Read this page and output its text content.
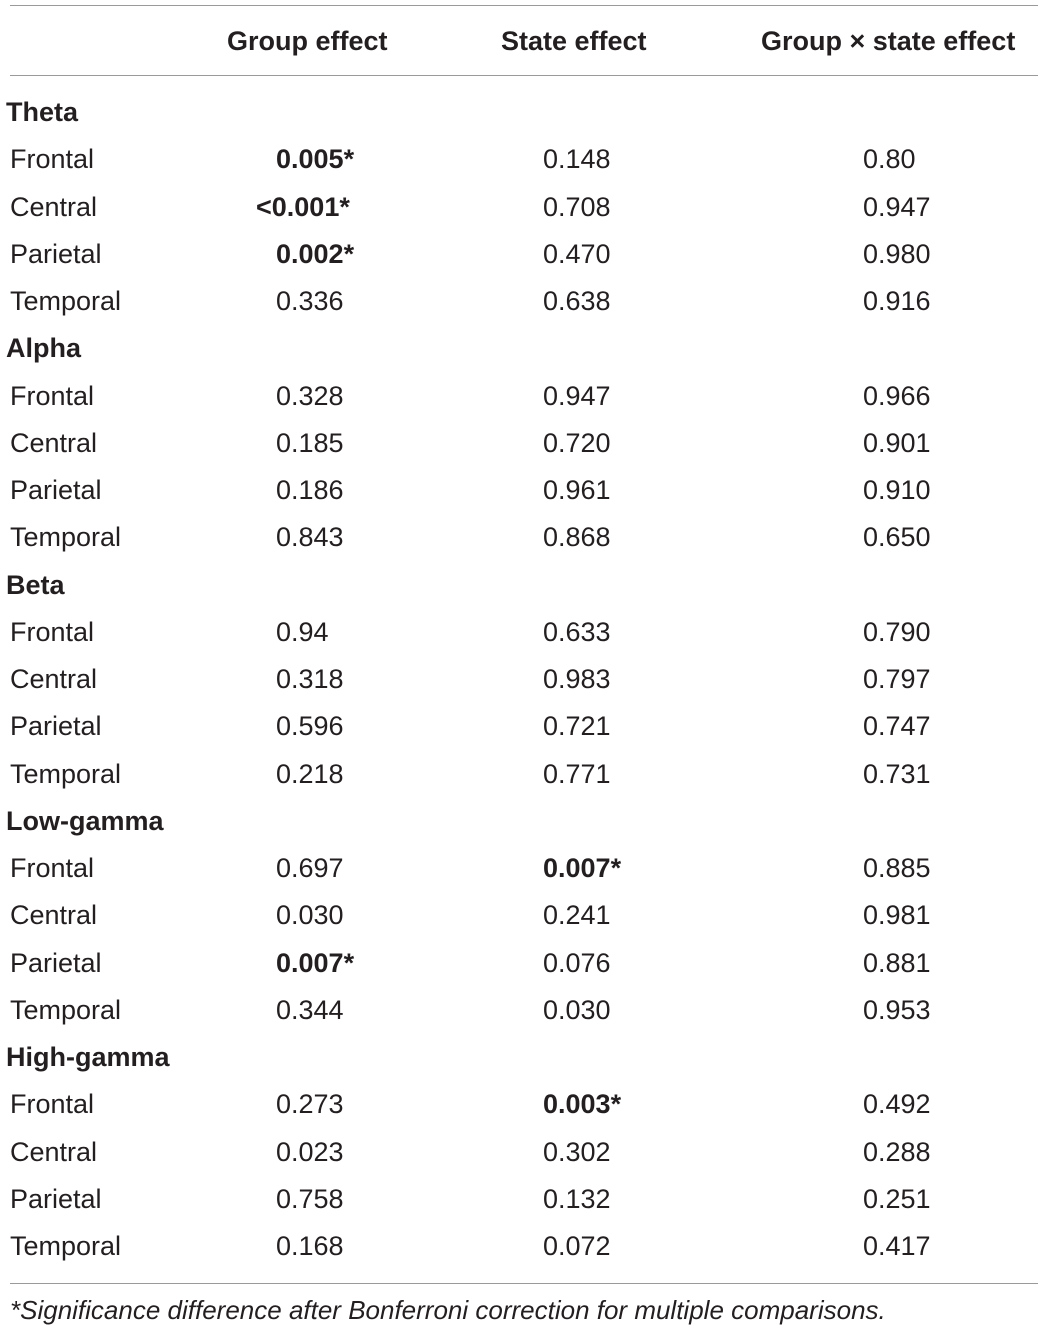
Group effect	State effect	Group × state effect
Theta
Frontal	0.005*	0.148	0.80
Central	<0.001*	0.708	0.947
Parietal	0.002*	0.470	0.980
Temporal	0.336	0.638	0.916
Alpha
Frontal	0.328	0.947	0.966
Central	0.185	0.720	0.901
Parietal	0.186	0.961	0.910
Temporal	0.843	0.868	0.650
Beta
Frontal	0.94	0.633	0.790
Central	0.318	0.983	0.797
Parietal	0.596	0.721	0.747
Temporal	0.218	0.771	0.731
Low-gamma
Frontal	0.697	0.007*	0.885
Central	0.030	0.241	0.981
Parietal	0.007*	0.076	0.881
Temporal	0.344	0.030	0.953
High-gamma
Frontal	0.273	0.003*	0.492
Central	0.023	0.302	0.288
Parietal	0.758	0.132	0.251
Temporal	0.168	0.072	0.417
*Significance difference after Bonferroni correction for multiple comparisons.
